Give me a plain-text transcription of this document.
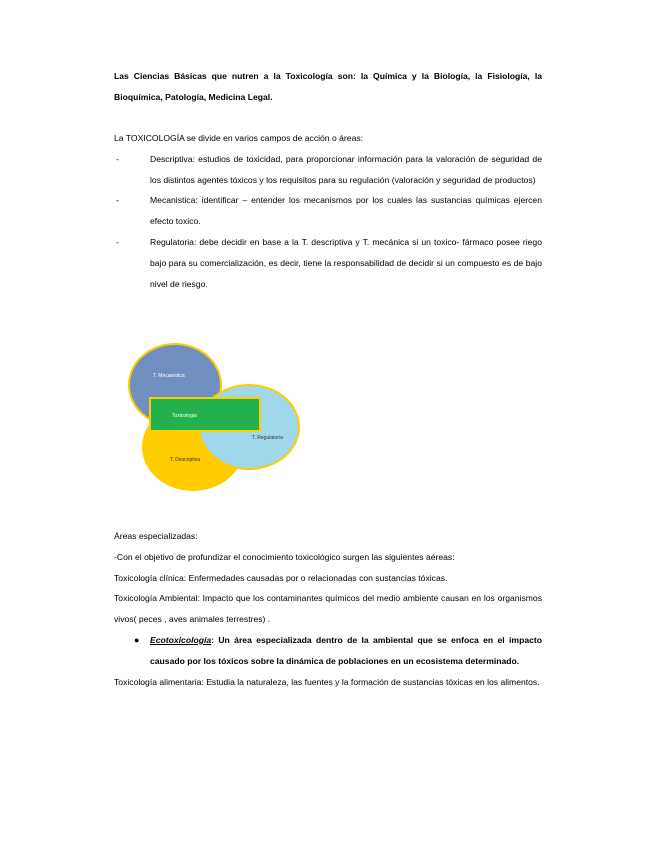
Las Ciencias Básicas que nutren a la Toxicología son: la Química y la Biología, la Fisiología, la Bioquímica, Patología, Medicina Legal.

La TOXICOLOGÍA se divide en varios campos de acción o áreas:

-	Descriptiva: estudios de toxicidad, para proporcionar información para la valoración de seguridad de los distintos agentes tóxicos y los requisitos para su regulación (valoración y seguridad de productos)
-	Mecanistica: identificar – entender los mecanismos por los cuales las sustancias químicas ejercen efecto toxico.
-	Regulatoria: debe decidir en base a la T. descriptiva y T. mecánica si un toxico- fármaco posee riego bajo para su comercialización, es decir, tiene la responsabilidad de decidir si un compuesto es de bajo nivel de riesgo.
T. Mecanistica
Toxicologia
T. Regulatoria
T. Descriptiva

Áreas especializadas:

-Con el objetivo de profundizar el conocimiento toxicológico surgen las siguientes aéreas:

Toxicología clínica: Enfermedades causadas por o relacionadas con sustancias tóxicas.

Toxicología Ambiental: Impacto que los contaminantes químicos del medio ambiente causan en los organismos vivos( peces , aves animales terrestres) .

●	Ecotoxicología: Un área especializada dentro de la ambiental que se enfoca en el impacto causado por los tóxicos sobre la dinámica de poblaciones en un ecosistema determinado.

Toxicología alimentaria: Estudia la naturaleza, las fuentes y la formación de sustancias tóxicas en los alimentos.
